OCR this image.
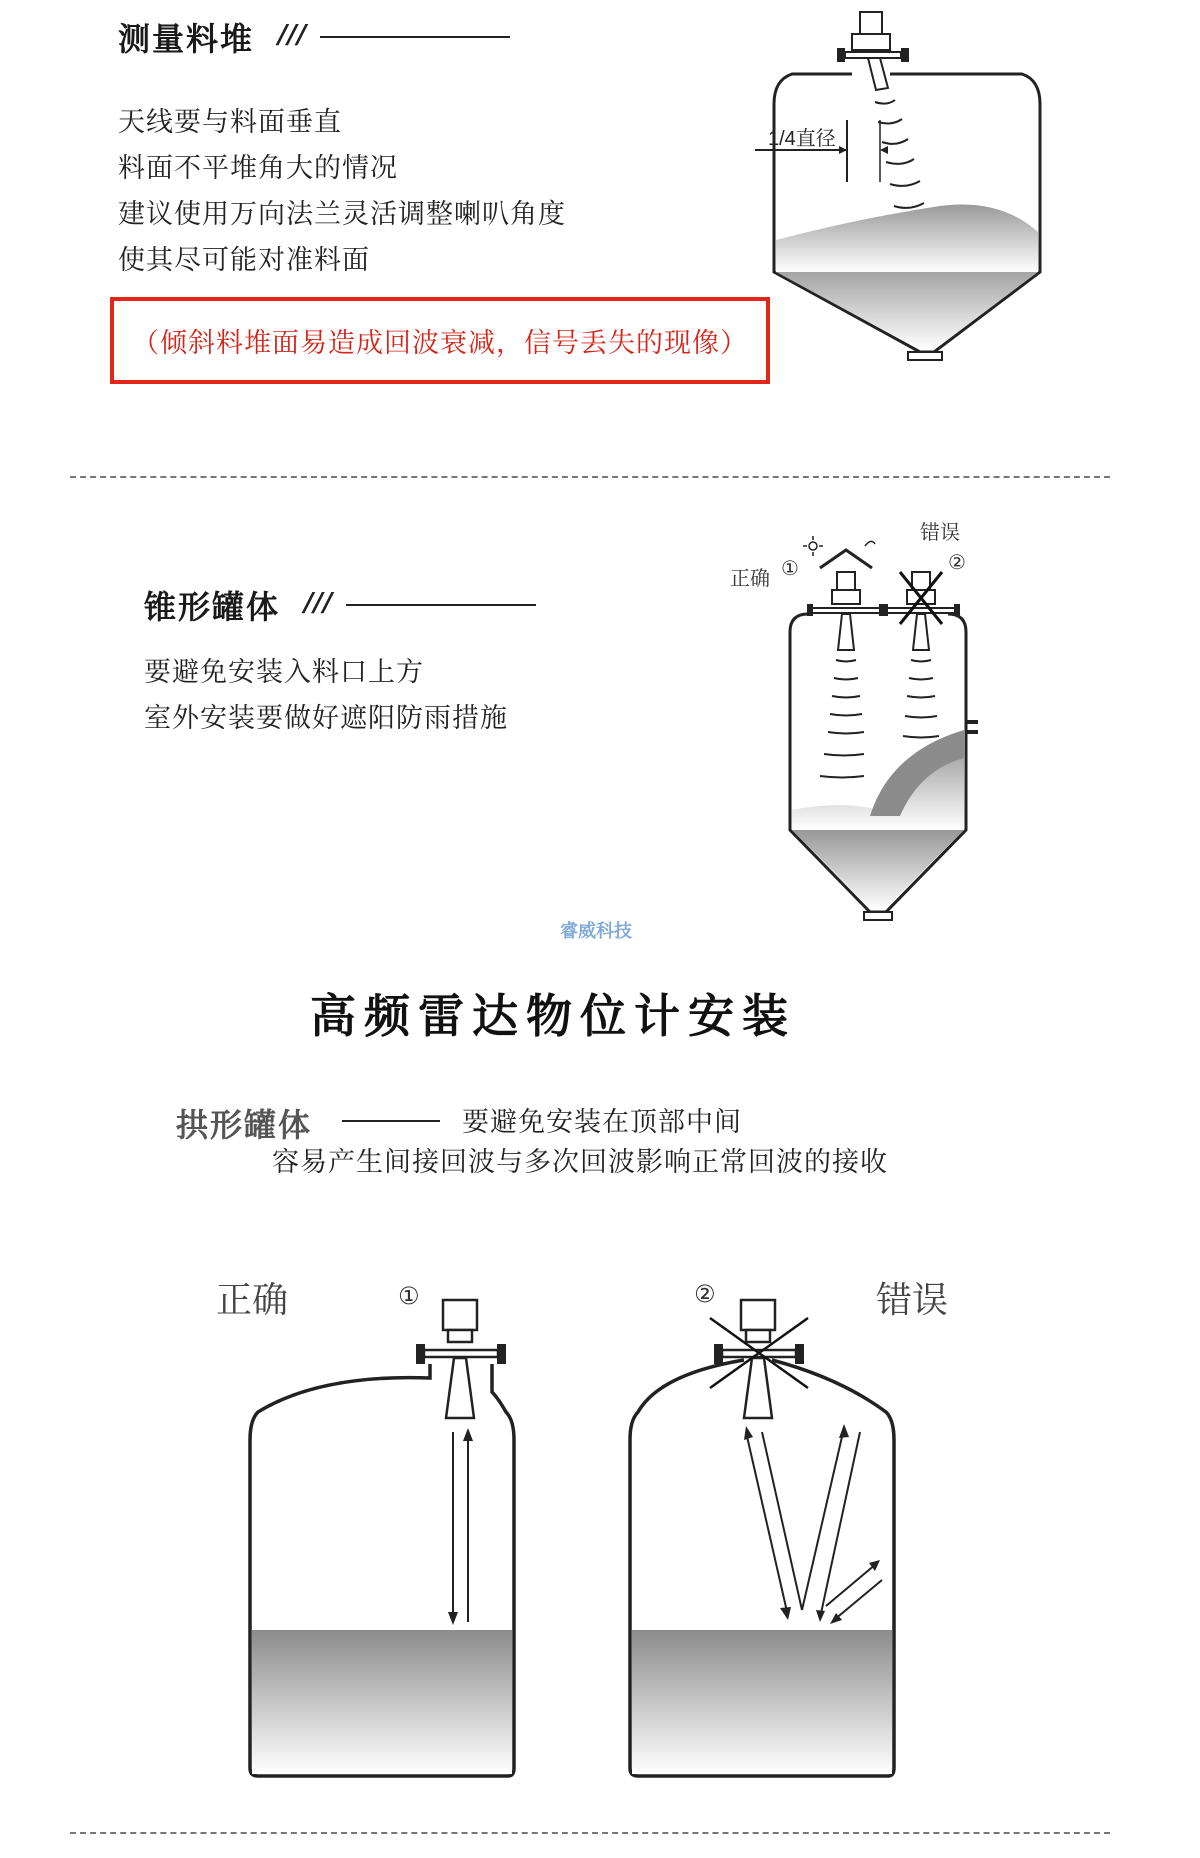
测量料堆 ///
天线要与料面垂直
料面不平堆角大的情况
建议使用万向法兰灵活调整喇叭角度
使其尽可能对准料面
（倾斜料堆面易造成回波衰减，信号丢失的现像）
1/4直径
锥形罐体 ///
要避免安装入料口上方
室外安装要做好遮阳防雨措施
正确 ①
错误
②
睿威科技
高频雷达物位计安装
拱形罐体	要避免安装在顶部中间
容易产生间接回波与多次回波影响正常回波的接收
正确	①	②	错误
